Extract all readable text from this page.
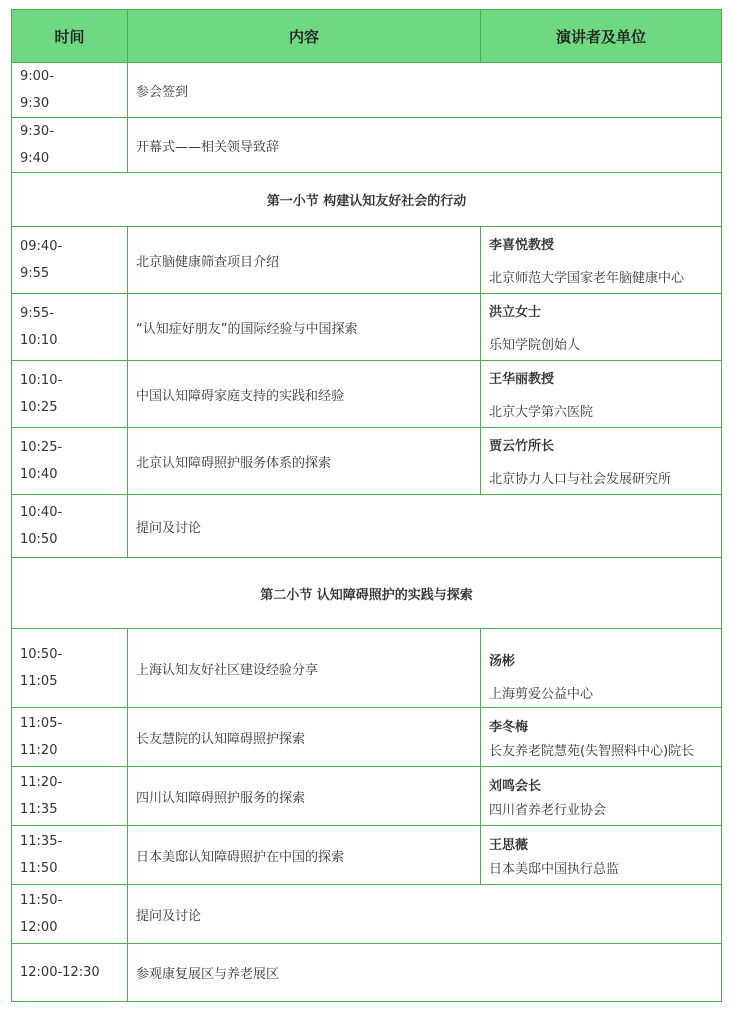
时间	内容	演讲者及单位

9:00-
9:30	参会签到	

9:30-
9:40	开幕式——相关领导致辞	
第一小节 构建认知友好社会的行动		

09:40-
9:55	北京脑健康筛查项目介绍	李喜悦教授
北京师范大学国家老年脑健康中心

9:55-
10:10	“认知症好朋友”的国际经验与中国探索	洪立女士
乐知学院创始人

10:10-
10:25	中国认知障碍家庭支持的实践和经验	王华丽教授
北京大学第六医院

10:25-
10:40	北京认知障碍照护服务体系的探索	贾云竹所长
北京协力人口与社会发展研究所

10:40-
10:50	提问及讨论	
第二小节 认知障碍照护的实践与探索		

10:50-
11:05	上海认知友好社区建设经验分享	汤彬
上海剪爱公益中心

11:05-
11:20	长友慧院的认知障碍照护探索	李冬梅
长友养老院慧苑(失智照料中心)院长

11:20-
11:35	四川认知障碍照护服务的探索	刘鸣会长
四川省养老行业协会

11:35-
11:50	日本美邸认知障碍照护在中国的探索	王思薇
日本美邸中国执行总监

11:50-
12:00	提问及讨论	

12:00-12:30	参观康复展区与养老展区	
